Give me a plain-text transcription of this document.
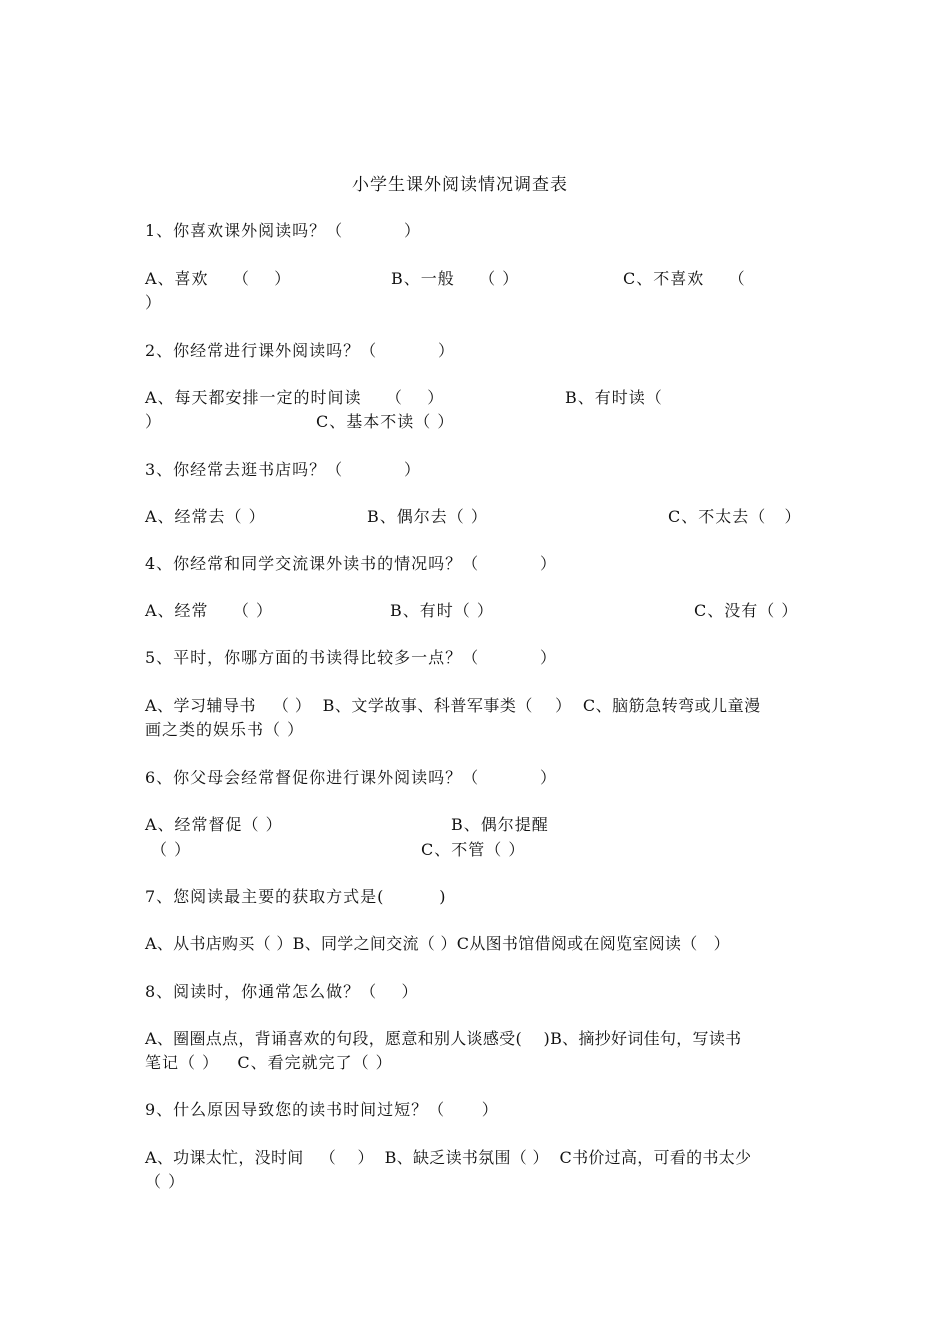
小学生课外阅读情况调查表
1、你喜欢课外阅读吗？（          ）

A、喜欢    （    ）

	B、一般    （ ）

	C、不喜欢    （

）
2、你经常进行课外阅读吗？（          ）

A、每天都安排一定的时间读    （    ）

	B、有时读（

）

	C、基本不读（ ）

3、你经常去逛书店吗？（          ）

A、经常去（ ）

	B、偶尔去（ ）

	C、不太去（   ）

4、你经常和同学交流课外读书的情况吗？（          ）

A、经常    （ ）

	B、有时（ ）

	C、没有（ ）

5、平时，你哪方面的书读得比较多一点？（          ）
A、学习辅导书   （ ）  B、文学故事、科普军事类（    ）  C、脑筋急转弯或儿童漫
画之类的娱乐书（ ）
6、你父母会经常督促你进行课外阅读吗？（          ）

A、经常督促（ ）

	B、偶尔提醒

（ ）

	C、不管（ ）

7、您阅读最主要的获取方式是(         )
A、从书店购买（ ）B、同学之间交流（ ）C从图书馆借阅或在阅览室阅读（   ）
8、阅读时，你通常怎么做？（    ）
A、圈圈点点，背诵喜欢的句段，愿意和别人谈感受(    )B、摘抄好词佳句，写读书
笔记（ ）   C、看完就完了（ ）
9、什么原因导致您的读书时间过短？（      ）
A、功课太忙，没时间   （    ）  B、缺乏读书氛围（ ）  C书价过高，可看的书太少
（ ）
